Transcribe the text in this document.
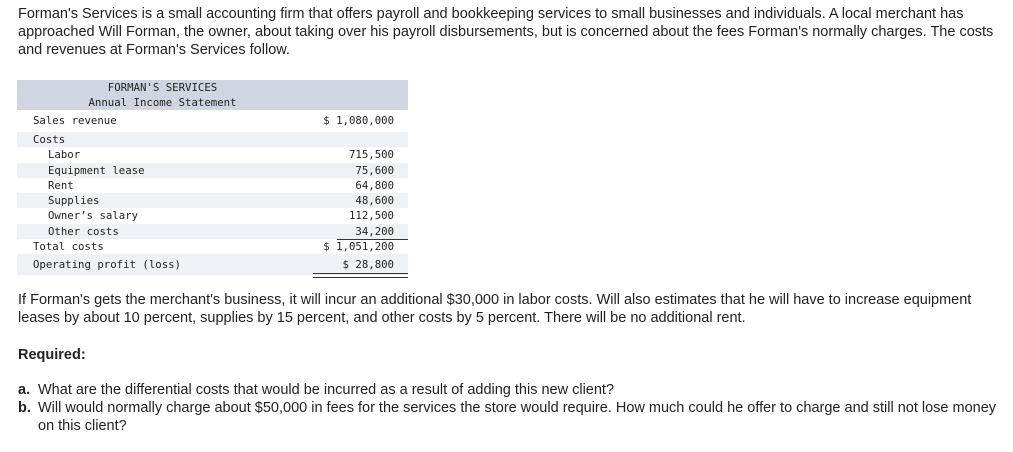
Forman's Services is a small accounting firm that offers payroll and bookkeeping services to small businesses and individuals. A local merchant has approached Will Forman, the owner, about taking over his payroll disbursements, but is concerned about the fees Forman's normally charges. The costs and revenues at Forman's Services follow.

FORMAN'S SERVICES
Annual Income Statement
Sales revenue	$ 1,080,000
Costs
Labor	715,500
Equipment lease	75,600
Rent	64,800
Supplies	48,600
Owner’s salary	112,500
Other costs	34,200
Total costs	$ 1,051,200
Operating profit (loss)	$ 28,800

If Forman's gets the merchant's business, it will incur an additional $30,000 in labor costs. Will also estimates that he will have to increase equipment leases by about 10 percent, supplies by 15 percent, and other costs by 5 percent. There will be no additional rent.

Required:

a. What are the differential costs that would be incurred as a result of adding this new client?

b. Will would normally charge about $50,000 in fees for the services the store would require. How much could he offer to charge and still not lose money on this client?
